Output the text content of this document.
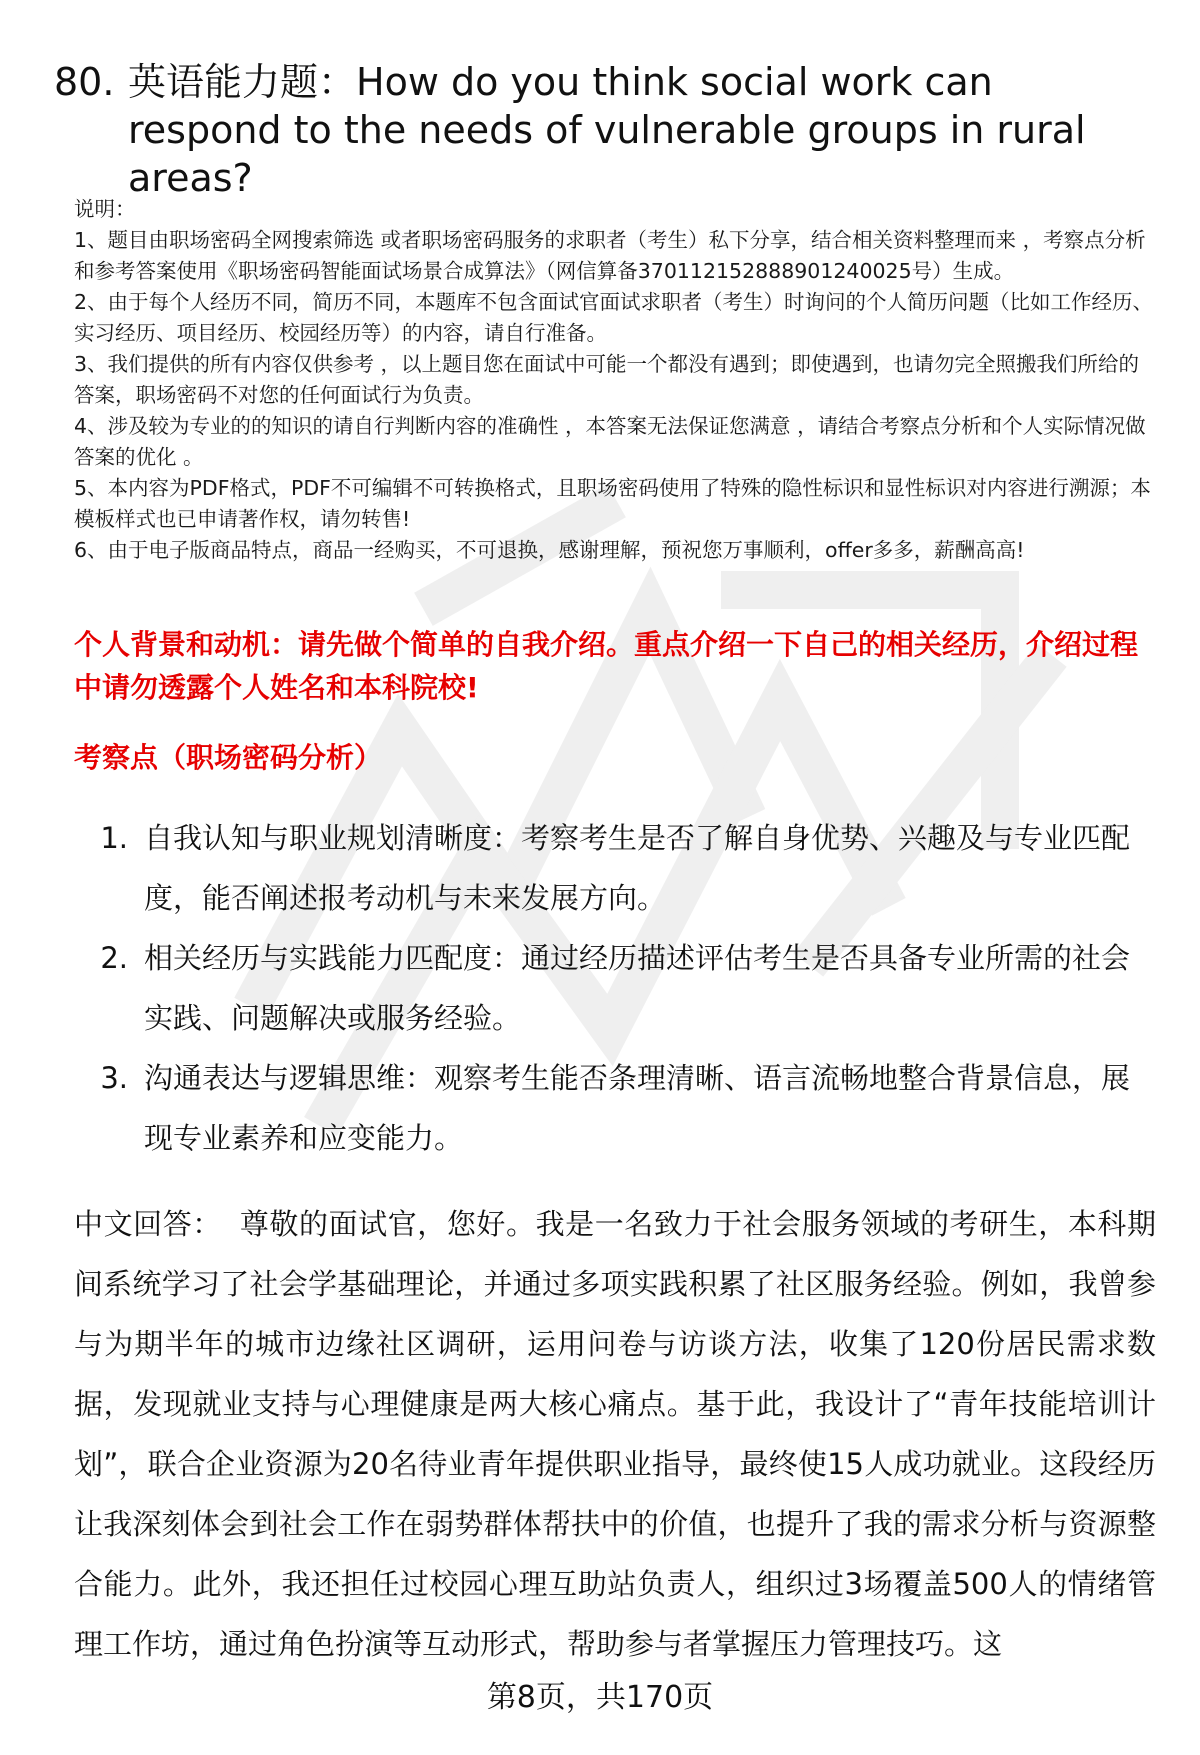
80. 英语能力题：How do you think social work can respond to the needs of vulnerable groups in rural areas?

说明：

1、题目由职场密码全网搜索筛选 或者职场密码服务的求职者（考生）私下分享，结合相关资料整理而来 ，考察点分析和参考答案使用《职场密码智能面试场景合成算法》（网信算备370112152888901240025号）生成。

2、由于每个人经历不同，简历不同，本题库不包含面试官面试求职者（考生）时询问的个人简历问题（比如工作经历、实习经历、项目经历、校园经历等）的内容，请自行准备。

3、我们提供的所有内容仅供参考 ，以上题目您在面试中可能一个都没有遇到；即使遇到，也请勿完全照搬我们所给的答案，职场密码不对您的任何面试行为负责。

4、涉及较为专业的的知识的请自行判断内容的准确性 ，本答案无法保证您满意 ，请结合考察点分析和个人实际情况做答案的优化 。

5、本内容为PDF格式，PDF不可编辑不可转换格式，且职场密码使用了特殊的隐性标识和显性标识对内容进行溯源；本模板样式也已申请著作权，请勿转售!

6、由于电子版商品特点，商品一经购买，不可退换，感谢理解，预祝您万事顺利，offer多多，薪酬高高!

个人背景和动机：请先做个简单的自我介绍。重点介绍一下自己的相关经历，介绍过程中请勿透露个人姓名和本科院校!
考察点（职场密码分析）
1. 自我认知与职业规划清晰度：考察考生是否了解自身优势、兴趣及与专业匹配度，能否阐述报考动机与未来发展方向。
2. 相关经历与实践能力匹配度：通过经历描述评估考生是否具备专业所需的社会实践、问题解决或服务经验。
3. 沟通表达与逻辑思维：观察考生能否条理清晰、语言流畅地整合背景信息，展现专业素养和应变能力。
中文回答： 尊敬的面试官，您好。我是一名致力于社会服务领域的考研生，本科期间系统学习了社会学基础理论，并通过多项实践积累了社区服务经验。例如，我曾参与为期半年的城市边缘社区调研，运用问卷与访谈方法，收集了120份居民需求数据，发现就业支持与心理健康是两大核心痛点。基于此，我设计了“青年技能培训计划”，联合企业资源为20名待业青年提供职业指导，最终使15人成功就业。这段经历让我深刻体会到社会工作在弱势群体帮扶中的价值，也提升了我的需求分析与资源整合能力。此外，我还担任过校园心理互助站负责人，组织过3场覆盖500人的情绪管理工作坊，通过角色扮演等互动形式，帮助参与者掌握压力管理技巧。这
第8页，共170页
